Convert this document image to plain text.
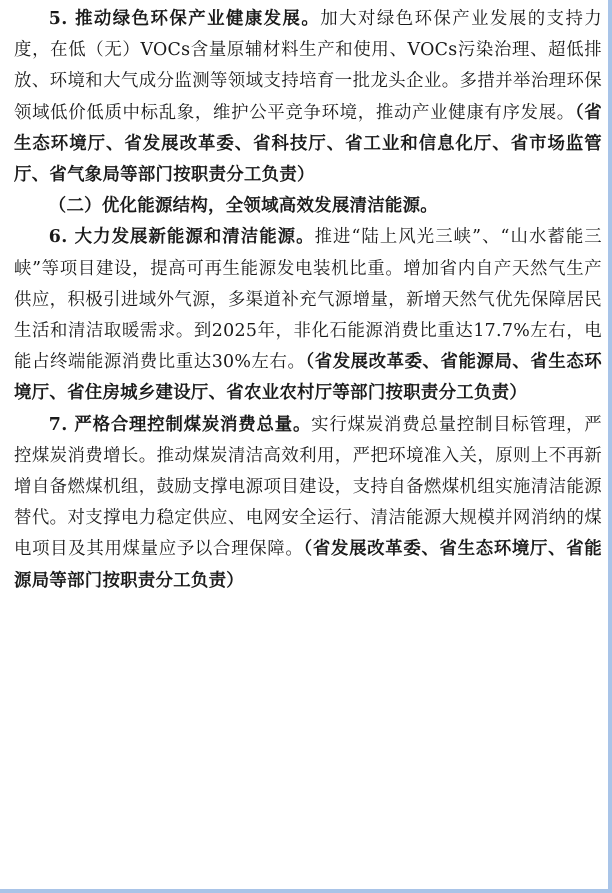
5. 推动绿色环保产业健康发展。加大对绿色环保产业发展的支持力度，在低（无）VOCs含量原辅材料生产和使用、VOCs污染治理、超低排放、环境和大气成分监测等领域支持培育一批龙头企业。多措并举治理环保领域低价低质中标乱象，维护公平竞争环境，推动产业健康有序发展。（省生态环境厅、省发展改革委、省科技厅、省工业和信息化厅、省市场监管厅、省气象局等部门按职责分工负责）

（二）优化能源结构，全领域高效发展清洁能源。

6. 大力发展新能源和清洁能源。推进“陆上风光三峡”、“山水蓄能三峡”等项目建设，提高可再生能源发电装机比重。增加省内自产天然气生产供应，积极引进域外气源，多渠道补充气源增量，新增天然气优先保障居民生活和清洁取暖需求。到2025年，非化石能源消费比重达17.7%左右，电能占终端能源消费比重达30%左右。（省发展改革委、省能源局、省生态环境厅、省住房城乡建设厅、省农业农村厅等部门按职责分工负责）

7. 严格合理控制煤炭消费总量。实行煤炭消费总量控制目标管理，严控煤炭消费增长。推动煤炭清洁高效利用，严把环境准入关，原则上不再新增自备燃煤机组，鼓励支撑电源项目建设，支持自备燃煤机组实施清洁能源替代。对支撑电力稳定供应、电网安全运行、清洁能源大规模并网消纳的煤电项目及其用煤量应予以合理保障。（省发展改革委、省生态环境厅、省能源局等部门按职责分工负责）
